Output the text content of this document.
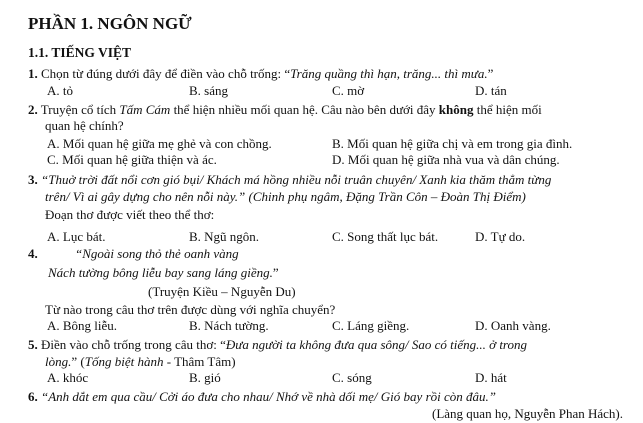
PHẦN 1. NGÔN NGỮ
1.1. TIẾNG VIỆT
1. Chọn từ đúng dưới đây để điền vào chỗ trống: “Trăng quầng thì hạn, trăng... thì mưa.”
A. tỏ	B. sáng	C. mờ	D. tán
2. Truyện cổ tích Tấm Cám thể hiện nhiều mối quan hệ. Câu nào bên dưới đây không thể hiện mối
quan hệ chính?
A. Mối quan hệ giữa mẹ ghẻ và con chồng.	B. Mối quan hệ giữa chị và em trong gia đình.
C. Mối quan hệ giữa thiện và ác.	D. Mối quan hệ giữa nhà vua và dân chúng.
3. “Thuở trời đất nổi cơn gió bụi/ Khách má hồng nhiều nỗi truân chuyên/ Xanh kia thăm thẳm từng
trên/ Vì ai gây dựng cho nên nỗi này.” (Chinh phụ ngâm, Đặng Trần Côn – Đoàn Thị Điểm)
Đoạn thơ được viết theo thể thơ:
A. Lục bát.	B. Ngũ ngôn.	C. Song thất lục bát.	D. Tự do.
4.	“Ngoài song thỏ thẻ oanh vàng
Nách tường bông liễu bay sang láng giềng.”
(Truyện Kiều – Nguyễn Du)
Từ nào trong câu thơ trên được dùng với nghĩa chuyển?
A. Bông liễu.	B. Nách tường.	C. Láng giềng.	D. Oanh vàng.
5. Điền vào chỗ trống trong câu thơ: “Đưa người ta không đưa qua sông/ Sao có tiếng... ở trong
lòng.” (Tống biệt hành - Thâm Tâm)
A. khóc	B. gió	C. sóng	D. hát
6. “Anh dắt em qua cầu/ Cởi áo đưa cho nhau/ Nhớ về nhà dối mẹ/ Gió bay rồi còn đâu.”
(Làng quan họ, Nguyễn Phan Hách).
